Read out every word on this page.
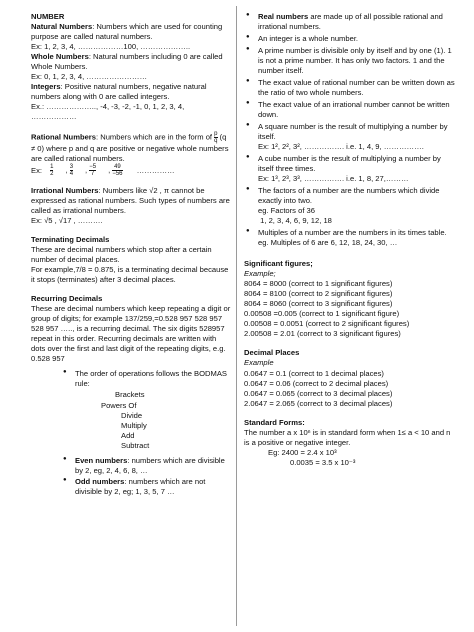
NUMBER

Natural Numbers: Numbers which are used for counting purpose are called natural numbers.

Ex: 1, 2, 3, 4, ………………100, ………………..

Whole Numbers: Natural numbers including 0 are called Whole Numbers.

Ex: 0, 1, 2, 3, 4, ……………………

Integers: Positive natural numbers, negative natural numbers along with 0 are called integers.

Ex.: ……………….., -4, -3, -2, -1, 0, 1, 2, 3, 4, ………………

Rational Numbers: Numbers which are in the form of $\frac{p}{q} (q \ne 0)$ where p and q are positive or negative whole numbers are called rational numbers.

Ex: $\frac{1}{2}$ , $\frac{3}{4}$ , $\frac{-5}{7}$ , $\frac{49}{-56}$ ……………

Irrational Numbers: Numbers like √2 , π cannot be expressed as rational numbers. Such types of numbers are called as irrational numbers.

Ex: √5 , √17 , ……….

Terminating Decimals

These are decimal numbers which stop after a certain number of decimal places.

For example,7/8 = 0.875, is a terminating decimal because it stops (terminates) after 3 decimal places.

Recurring Decimals

These are decimal numbers which keep repeating a digit or group of digits; for example 137/259,=0.528 957 528 957 528 957 ….., is a recurring decimal. The six digits 528957 repeat in this order. Recurring decimals are written with dots over the first and last digit of the repeating digits, e.g. 0.528 957

● The order of operations follows the BODMAS rule:
Brackets
Powers Of
Divide
Multiply
Add
Subtract
● Even numbers: numbers which are divisible by 2, eg, 2, 4, 6, 8, …
● Odd numbers: numbers which are not divisible by 2, eg; 1, 3, 5, 7 …
● Real numbers are made up of all possible rational and irrational numbers.
● An integer is a whole number.
● A prime number is divisible only by itself and by one (1). 1 is not a prime number. It has only two factors. 1 and the number itself.
● The exact value of rational number can be written down as the ratio of two whole numbers.
● The exact value of an irrational number cannot be written down.
● A square number is the result of multiplying a number by itself.
Ex: 1², 2², 3², ……………. i.e. 1, 4, 9, …………….
● A cube number is the result of multiplying a number by itself three times.
Ex: 1³, 2³, 3³, ……………. i.e. 1, 8, 27,………
● The factors of a number are the numbers which divide exactly into two.
eg. Factors of 36
1, 2, 3, 4, 6, 9, 12, 18
● Multiples of a number are the numbers in its times table.
eg. Multiples of 6 are 6, 12, 18, 24, 30, …

Significant figures;

Example;

8064 = 8000 (correct to 1 significant figures)

8064 = 8100 (correct to 2 significant figures)

8064 = 8060 (correct to 3 significant figures)

0.00508 =0.005 (correct to 1 significant figure)

0.00508 = 0.0051 (correct to 2 significant figures)

2.00508 = 2.01 (correct to 3 significant figures)

Decimal Places

Example

0.0647 = 0.1 (correct to 1 decimal places)

0.0647 = 0.06 (correct to 2 decimal places)

0.0647 = 0.065 (correct to 3 decimal places)

2.0647 = 2.065 (correct to 3 decimal places)

Standard Forms:

The number a x 10ⁿ is in standard form when 1≤ a < 10 and n is a positive or negative integer.

Eg: 2400 = 2.4 x 10³

0.0035 = 3.5 x 10⁻³
